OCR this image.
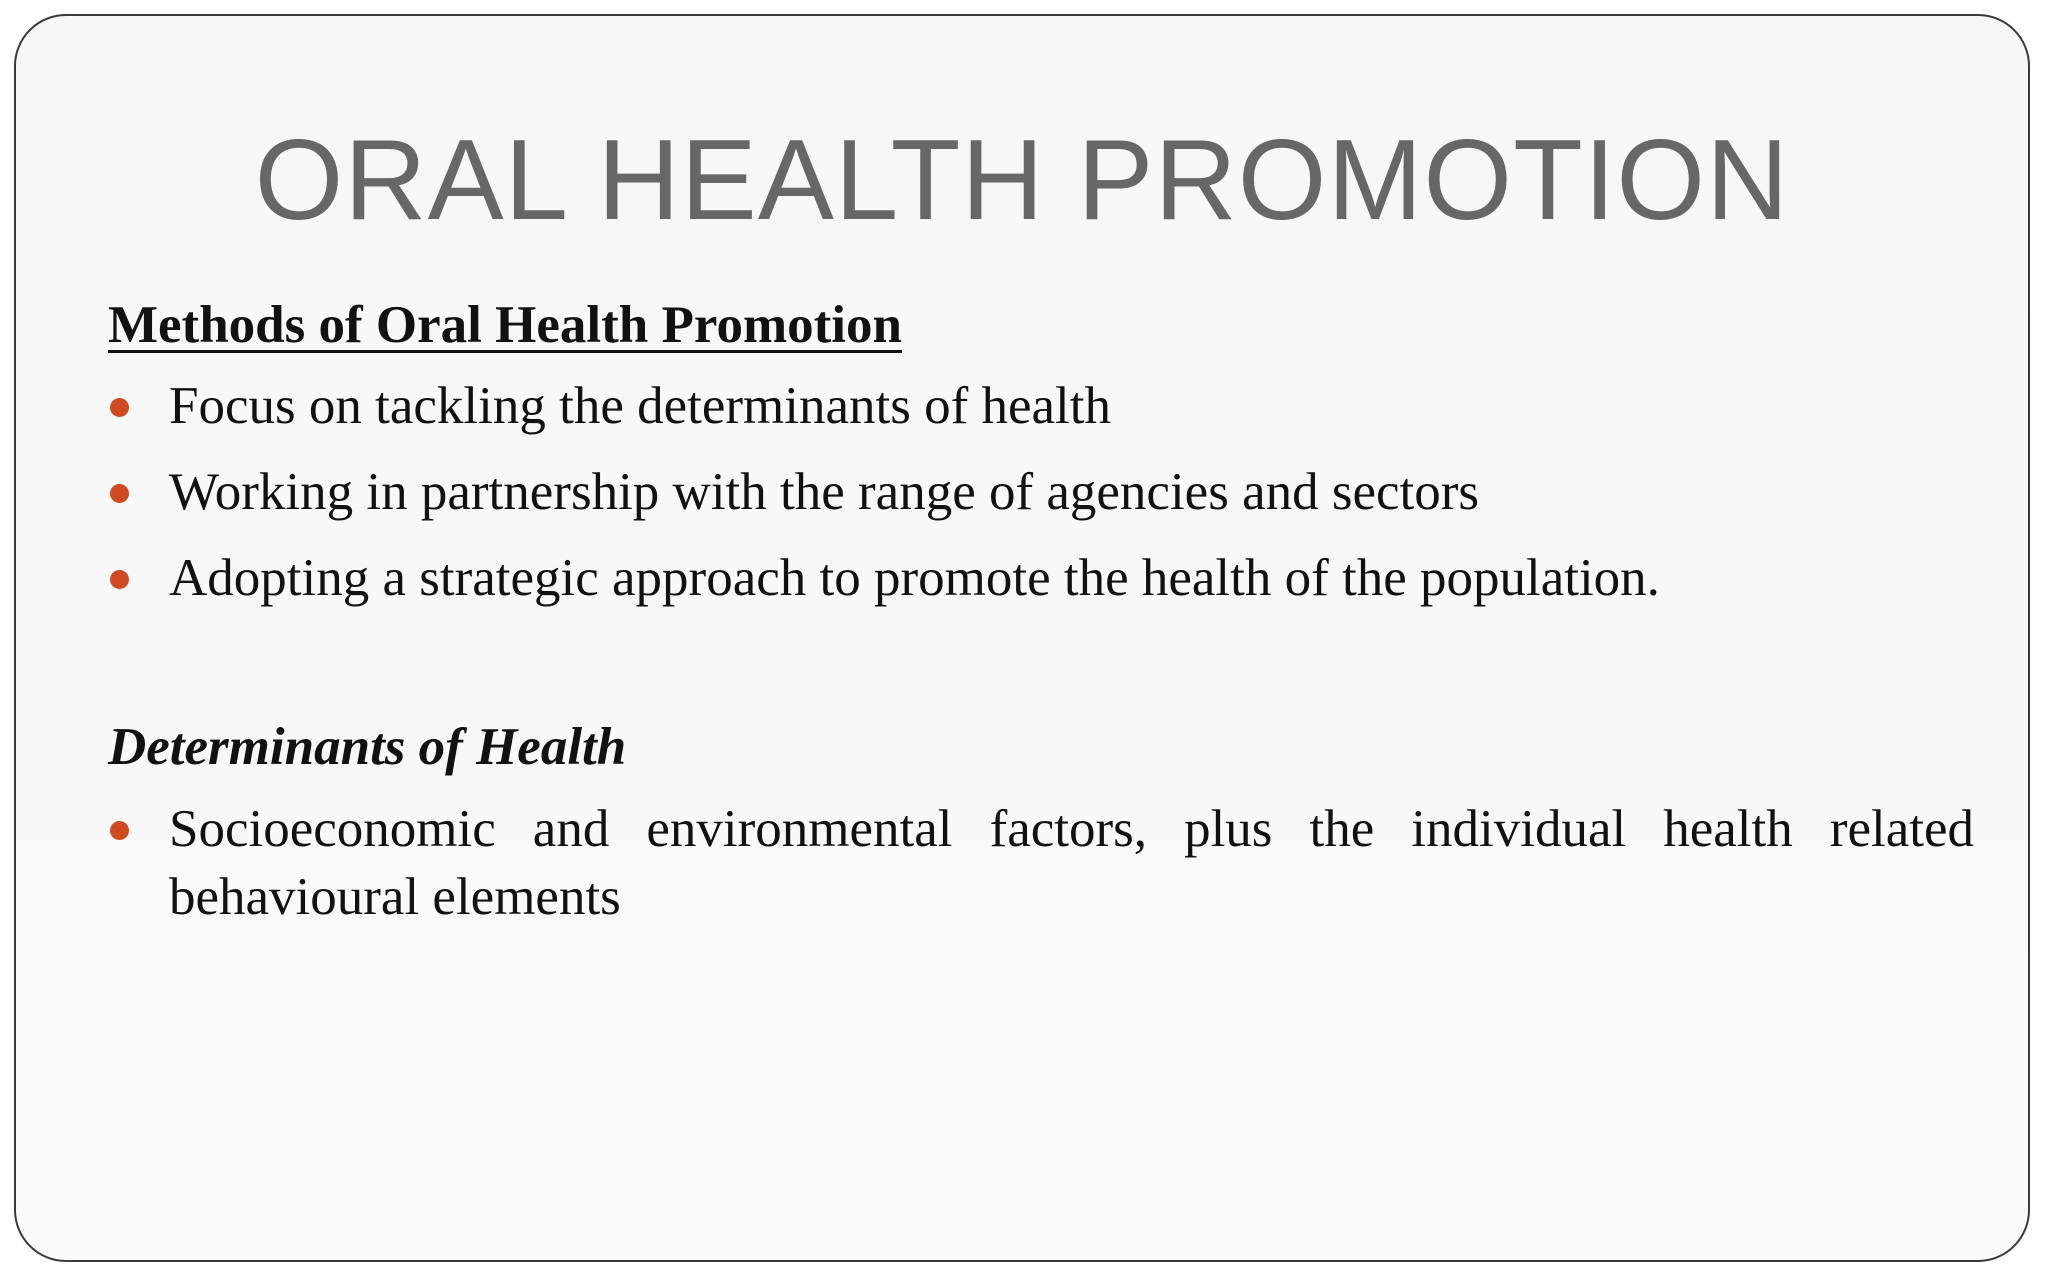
ORAL HEALTH PROMOTION
Methods of Oral Health Promotion
Focus on tackling the determinants of health
Working in partnership with the range of agencies and sectors
Adopting a strategic approach to promote the health of the population.
Determinants of Health
Socioeconomic and environmental factors, plus the individual health related behavioural elements
